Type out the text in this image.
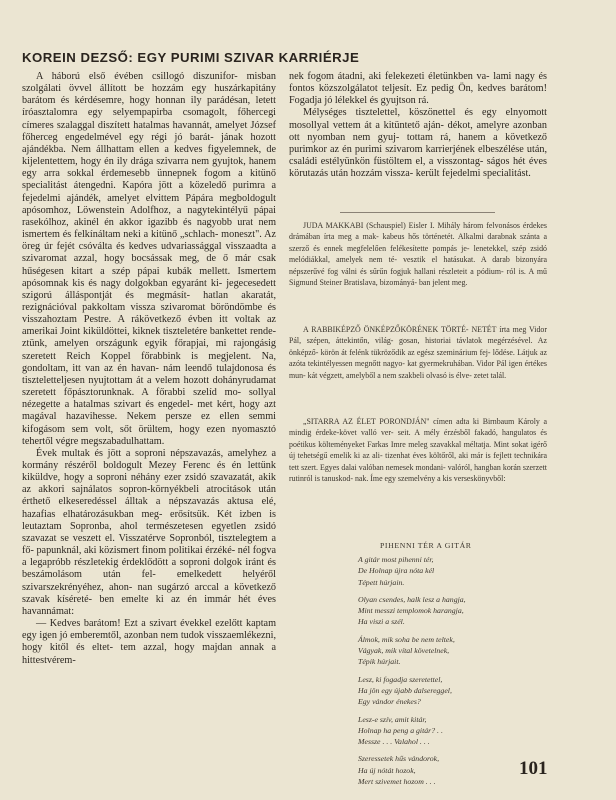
KOREIN DEZSŐ: EGY PURIMI SZIVAR KARRIÉRJE

A háború első évében csillogó diszunifor- misban szolgálati övvel állított be hozzám egy huszárkapitány barátom és kérdésemre, hogy honnan ily parádésan, letett íróasztalomra egy selyempapirba csomagolt, főhercegi címeres szalaggal diszített hatalmas havannát, amelyet József főherceg engedelmével egy régi jó barát- jának hozott ajándékba. Nem állhattam ellen a kedves figyelemnek, de kijelentettem, hogy én ily drága szivarra nem gyujtok, hanem egy arra sokkal érdemesebb ünnepnek fogom a kitünő specialitást átengedni. Kapóra jött a közeledő purimra a fejedelmi ajándék, amelyet elvittem Pápára megboldogult apósomhoz, Löwenstein Adolfhoz, a nagytekintélyű pápai rasekólhoz, akinél én akkor igazibb és nagyobb urat nem ismertem és felkínáltam neki a kitünő „schlach- moneszt". Az öreg úr fejét csóválta és kedves udvariassággal visszaadta a szivaromat azzal, hogy bocsássak meg, de ő már csak hűségesen kitart a szép pápai kubák mellett. Ismertem apósomnak kis és nagy dolgokban egyaránt ki- jegecesedett szigorú álláspontját és megmásít- hatlan akaratát, rezignációval pakkoltam vissza szivaromat böröndömbe és visszahoztam Pestre. A rákövetkező évben itt voltak az amerikai Joint kiküldöttei, kiknek tiszteletére bankettet rende- ztünk, amelyen országunk egyik főrapjai, mi rajongásig szeretett Reich Koppel főrabbink is megjelent. Na, gondoltam, itt van az én havan- nám leendő tulajdonosa és tiszteletteljesen nyujtottam át a velem hozott dohányrudamat szeretett főpásztorunknak. A főrabbi szelíd mo- sollyal nézegette a hatalmas szivart és engedel- met kért, hogy azt magával hazavihesse. Nekem persze ez ellen semmi kifogásom sem volt, sőt örültem, hogy ezen nyomasztó tehertől végre megszabadulhattam.

Évek multak és jött a soproni népszavazás, amelyhez a kormány részéről boldogult Mezey Ferenc és én lettünk kiküldve, hogy a soproni néhány ezer zsidó szavazatát, akik az akkori sajnálatos sopron-környékbeli atrocitások után érthető elkeseredéssel álltak a népszavazás aktusa elé, hazafias elhatározásukban meg- erősítsük. Két izben is leutaztam Sopronba, ahol természetesen egyetlen zsidó szavazat se veszett el. Visszatérve Sopronból, tisztelegtem a fő- papunknál, aki közismert finom politikai érzéké- nél fogva a legapróbb részletekig érdeklődött a soproni dolgok iránt és beszámolásom után fel- emelkedett helyéről szivarszekrényéhez, ahon- nan sugárzó arccal a következő szavak kíséreté- ben emelte ki az én immár hét éves havannámat:

— Kedves barátom! Ezt a szivart évekkel ezelőtt kaptam egy igen jó emberemtől, azonban nem tudok visszaemlékezni, hogy kitől és eltet- tem azzal, hogy majdan annak a hittestvérem-

nek fogom átadni, aki felekezeti életünkben va- lami nagy és fontos közszolgálatot teljesít. Ez pedig Ön, kedves barátom! Fogadja jó lélekkel és gyujtson rá.

Mélységes tisztelettel, köszönettel és egy elnyomott mosollyal vettem át a kitüntető aján- dékot, amelyre azonban ott nyomban nem gyuj- tottam rá, hanem a következő purimkor az én purimi szivarom karrierjének elbeszélése után, családi estélyünkön füstöltem el, a visszontag- ságos hét éves körutazás után hozzám vissza- került fejedelmi specialitást.

JUDA MAKKABI (Schauspiel) Eisler I. Mihály három felvonásos érdekes drámában írta meg a mak- kabeus hős történetét. Alkalmi darabnak szánta a szerző és ennek megfelelően felékesítette pompás je- lenetekkel, szép zsidó melódiákkal, amelyek nem té- vesztik el hatásukat. A darab bizonyára népszerűvé fog válni és sűrűn fogjuk hallani részleteit a pódium- ról is. A mű Sigmund Steiner Bratislava, bizományá- ban jelent meg.

A RABBIKÉPZŐ ÖNKÉPZŐKÖRÉNEK TÖRTÉ- NETÉT írta meg Vidor Pál, szépen, áttekintőn, világ- gosan, historiai távlatok megérzésével. Az önképző- körön át felénk tükröződik az egész szeminárium fej- lődése. Látjuk az azóta tekintélyessen megnőtt nagyo- kat gyermekruhában. Vidor Pál igen értékes mun- kát végzett, amelyből a nem szakbeli olvasó is élve- zetet talál.

„SITARRA AZ ÉLET PORONDJÁN" címen adta ki Birnbaum Károly a mindig érdeke-követ valló ver- seit. A mély érzésből fakadó, hangulatos és poétikus költeményeket Farkas Imre meleg szavakkal méltatja. Mint sokat igérő új tehetségű emelik ki az ali- tizenhat éves költőről, aki már is fejlett technikára tett szert. Egyes dalai valóban nemesek mondani- valóról, hangban korán szerzett rutinról is tanuskod- nak. Íme egy szemelvény a kis verseskönyvből:

PIHENNI TÉR A GITÁR
A gitár most pihenni tér,
De Holnap újra nóta kél
Tépett húrjain.
Olyan csendes, halk lesz a hangja,
Mint messzi templomok harangja,
Ha viszi a szél.
Álmok, mik soha be nem teltek,
Vágyak, mik vítal követelnek,
Tépik húrjait.
Lesz, ki fogadja szeretettel,
Ha jön egy újabb dalsereggel,
Egy vándor énekes?
Lesz-e szív, amit kitár,
Holnap ha peng a gitár? . .
Messze . . . Valahol . . .
Szeressetek hűs vándorok,
Ha új nótát hozok,
Mert szivemet hozom . . .
101
